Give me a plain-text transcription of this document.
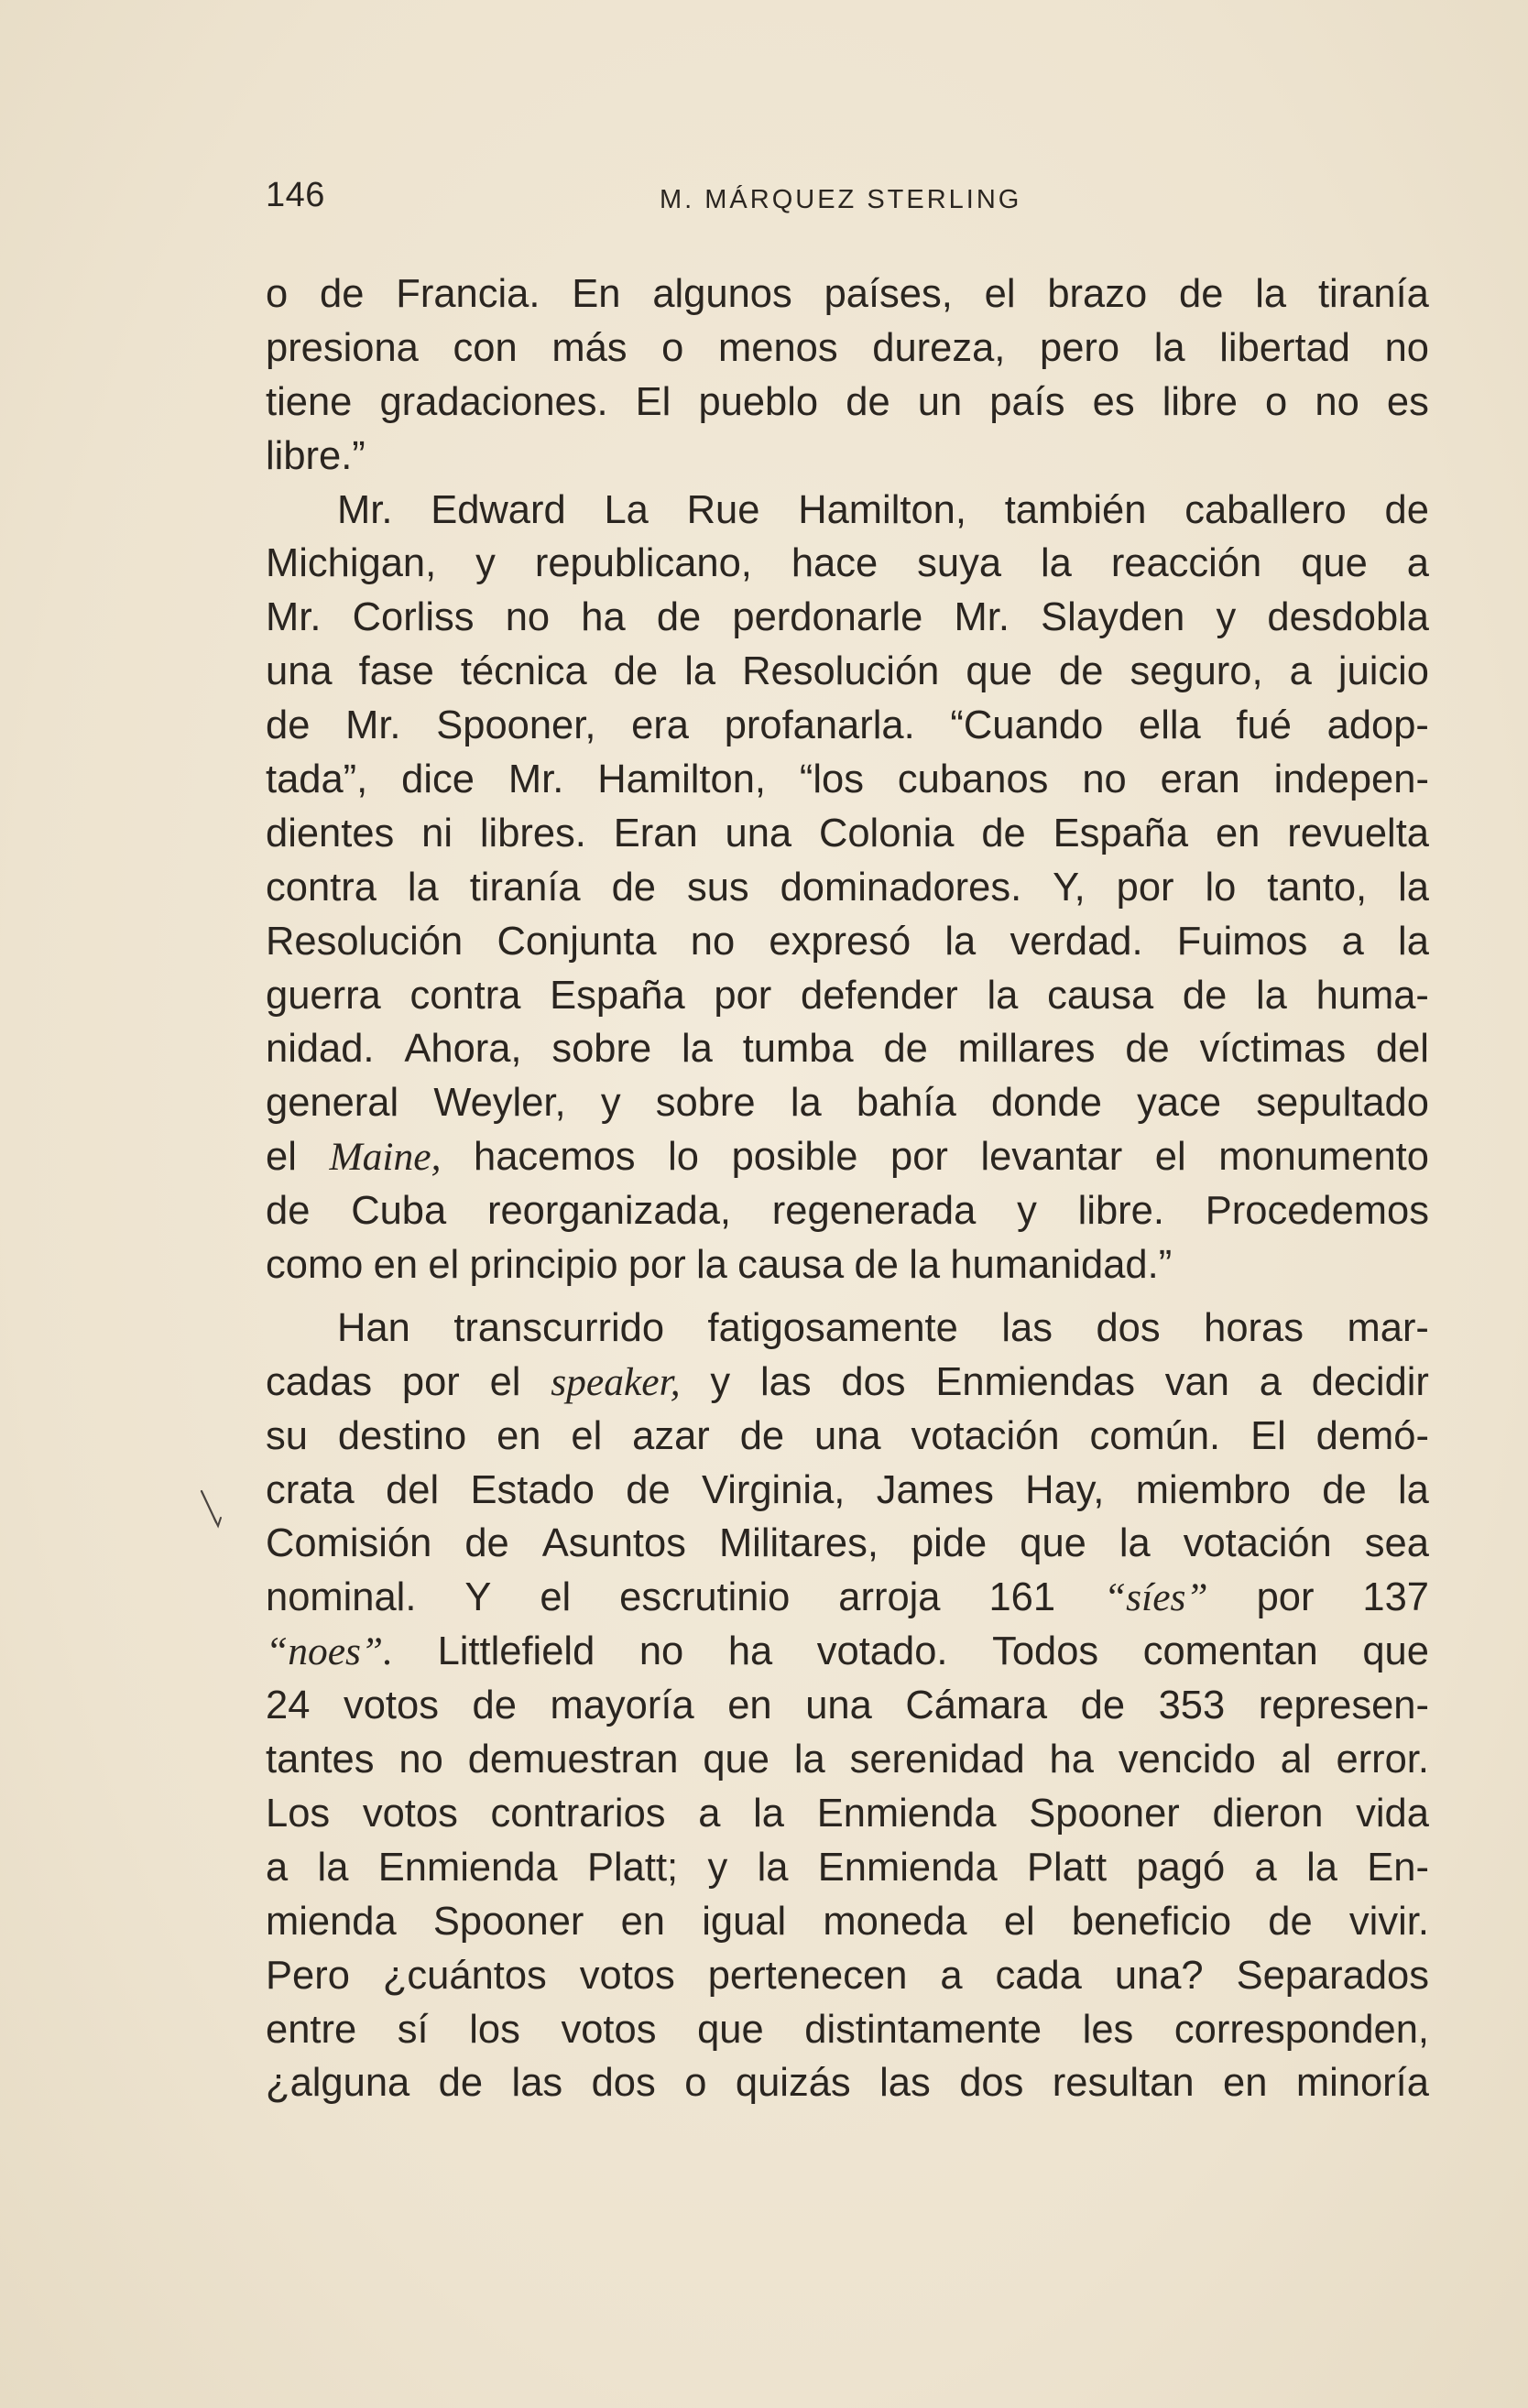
146	M. MÁRQUEZ STERLING
o de Francia. En algunos países, el brazo de la tiranía
presiona con más o menos dureza, pero la libertad no
tiene gradaciones. El pueblo de un país es libre o no es
libre.”
Mr. Edward La Rue Hamilton, también caballero de
Michigan, y republicano, hace suya la reacción que a
Mr. Corliss no ha de perdonarle Mr. Slayden y desdobla
una fase técnica de la Resolución que de seguro, a juicio
de Mr. Spooner, era profanarla. “Cuando ella fué adop-
tada”, dice Mr. Hamilton, “los cubanos no eran indepen-
dientes ni libres. Eran una Colonia de España en revuelta
contra la tiranía de sus dominadores. Y, por lo tanto, la
Resolución Conjunta no expresó la verdad. Fuimos a la
guerra contra España por defender la causa de la huma-
nidad. Ahora, sobre la tumba de millares de víctimas del
general Weyler, y sobre la bahía donde yace sepultado
el Maine, hacemos lo posible por levantar el monumento
de Cuba reorganizada, regenerada y libre. Procedemos
como en el principio por la causa de la humanidad.”
Han transcurrido fatigosamente las dos horas mar-
cadas por el speaker, y las dos Enmiendas van a decidir
su destino en el azar de una votación común. El demó-
crata del Estado de Virginia, James Hay, miembro de la
Comisión de Asuntos Militares, pide que la votación sea
nominal. Y el escrutinio arroja 161 “síes” por 137
“noes”. Littlefield no ha votado. Todos comentan que
24 votos de mayoría en una Cámara de 353 represen-
tantes no demuestran que la serenidad ha vencido al error.
Los votos contrarios a la Enmienda Spooner dieron vida
a la Enmienda Platt; y la Enmienda Platt pagó a la En-
mienda Spooner en igual moneda el beneficio de vivir.
Pero ¿cuántos votos pertenecen a cada una? Separados
entre sí los votos que distintamente les corresponden,
¿alguna de las dos o quizás las dos resultan en minoría
